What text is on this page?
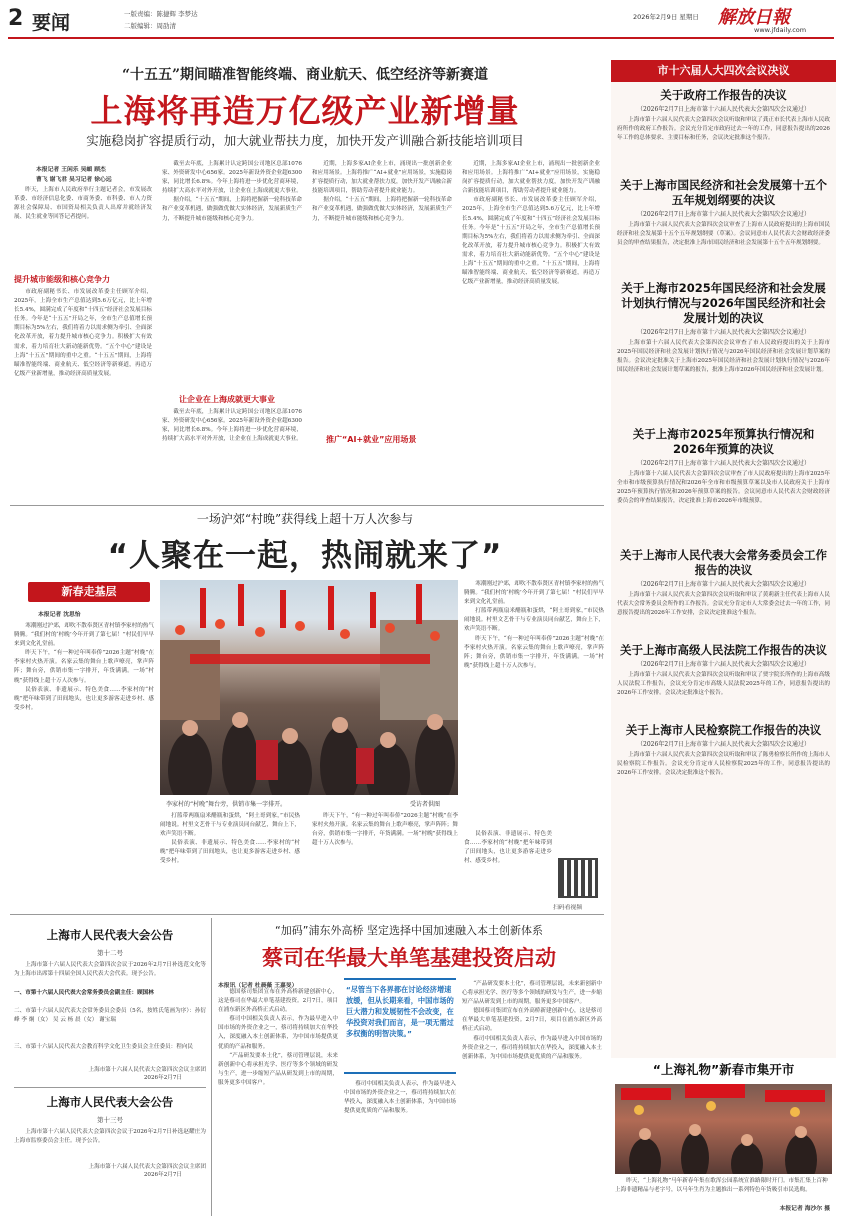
2 要闻	一版责编：陈捷辉 李梦达
二版编辑：周劭清
2026年2月9日 星期日 解放日報
www.jfdaily.com
“十五五”期间瞄准智能终端、商业航天、低空经济等新赛道
上海将再造万亿级产业新增量
实施稳岗扩容提质行动，加大就业帮扶力度，加快开发产训融合新技能培训项目
本报记者 王闲乐 吴頔 顾杰
曹飞 谢飞君 吴习记者 徐心远

昨天，上海市人民政府举行主题记者会，市发展改革委、市经济信息化委、市商务委、市科委、市人力资源社会保障局、市国资局相关负责人出席并就经济发展、民生就业等回答记者提问。

提升城市能级和核心竞争力

市政府副秘书长、市发展改革委主任顾军介绍，2025年，上海全市生产总值达到5.6万亿元，比上年增长5.4%，圆满完成了年度和“十四五”经济社会发展目标任务。今年是“十五五”开局之年，全市生产总值增长预期目标为5%左右，我们将着力以需求侧为牵引、全面深化改革开放，着力提升城市核心竞争力。积极扩大有效需求，着力培育壮大新动能新优势。“五个中心”建设是上海“十五五”期间的重中之重。“十五五”期间，上海将瞄准智能终端、商业航天、低空经济等新赛道，再造万亿级产业新增量，推动经济高质量发展。

截至去年底，上海累计认定跨国公司地区总部1076家、外资研发中心656家。2025年新设外资企业超6300家，同比增长6.8%。今年上海将进一步优化营商环境，持续扩大高水平对外开放，让企业在上海成就更大事业。

据介绍，“十五五”期间，上海将把握新一轮科技革命和产业变革机遇，做强做优做大实体经济，发展新质生产力，不断提升城市能级和核心竞争力。

让企业在上海成就更大事业

截至去年底，上海累计认定跨国公司地区总部1076家、外资研发中心656家。2025年新设外资企业超6300家，同比增长6.8%。今年上海将进一步优化营商环境，持续扩大高水平对外开放，让企业在上海成就更大事业。

近期，上海多家AI企业上市，涌现出一批创新企业和应用场景。上海将推广“AI+就业”应用场景，实施稳岗扩容提质行动，加大就业帮扶力度，加快开发产训融合新技能培训项目，帮助劳动者提升就业能力。

据介绍，“十五五”期间，上海将把握新一轮科技革命和产业变革机遇，做强做优做大实体经济，发展新质生产力，不断提升城市能级和核心竞争力。

推广“AI+就业”应用场景

近期，上海多家AI企业上市，涌现出一批创新企业和应用场景。上海将推广“AI+就业”应用场景，实施稳岗扩容提质行动，加大就业帮扶力度，加快开发产训融合新技能培训项目，帮助劳动者提升就业能力。

市政府副秘书长、市发展改革委主任顾军介绍，2025年，上海全市生产总值达到5.6万亿元，比上年增长5.4%，圆满完成了年度和“十四五”经济社会发展目标任务。今年是“十五五”开局之年，全市生产总值增长预期目标为5%左右，我们将着力以需求侧为牵引、全面深化改革开放，着力提升城市核心竞争力。积极扩大有效需求，着力培育壮大新动能新优势。“五个中心”建设是上海“十五五”期间的重中之重。“十五五”期间，上海将瞄准智能终端、商业航天、低空经济等新赛道，再造万亿级产业新增量，推动经济高质量发展。

一场沪郊“村晚”获得线上超十万人次参与
“人聚在一起，热闹就来了”
新春走基层
本报记者 沈思怡

寒潮刚过沪郊，却吹不散奉贤区青村镇李家村的热气腾腾。“我们村的‘村晚’今年开到了第七届！”村民们早早来到文化礼堂前。

昨天下午，“有一种过年叫奉侨”2026主题“村晚”在李家村火热开演。名家云集的舞台上歌声嘹亮，掌声阵阵；舞台旁，供销市集一字排开，年货满满。一场“村晚”获得线上超十万人次参与。

民俗表演、非遗展示、特色美食……李家村的“村晚”把年味带到了田间地头，也让更多游客走进乡村、感受乡村。

李家村的“村晚”舞台旁，供销市集一字排开。	受访者供图

打篮带两瓶扇米醋瓶和蛋烘，“阿土哥到家，”市民热闹地说。村里文艺骨干与专业演员同台献艺，舞台上下，欢声笑语不断。

民俗表演、非遗展示、特色美食……李家村的“村晚”把年味带到了田间地头，也让更多游客走进乡村、感受乡村。

昨天下午，“有一种过年叫奉侨”2026主题“村晚”在李家村火热开演。名家云集的舞台上歌声嘹亮，掌声阵阵；舞台旁，供销市集一字排开，年货满满。一场“村晚”获得线上超十万人次参与。

寒潮刚过沪郊，却吹不散奉贤区青村镇李家村的热气腾腾。“我们村的‘村晚’今年开到了第七届！”村民们早早来到文化礼堂前。

打篮带两瓶扇米醋瓶和蛋烘，“阿土哥到家，”市民热闹地说。村里文艺骨干与专业演员同台献艺，舞台上下，欢声笑语不断。

昨天下午，“有一种过年叫奉侨”2026主题“村晚”在李家村火热开演。名家云集的舞台上歌声嘹亮，掌声阵阵；舞台旁，供销市集一字排开，年货满满。一场“村晚”获得线上超十万人次参与。

民俗表演、非遗展示、特色美食……李家村的“村晚”把年味带到了田间地头，也让更多游客走进乡村、感受乡村。

扫码看视频
上海市人民代表大会公告
第十二号

上海市第十六届人民代表大会第四次会议于2026年2月7日补选范文化等为上海市出席第十四届全国人民代表大会代表。现予公告。

一、市第十六届人民代表大会常务委员会副主任：顾国林
二、市第十六届人民代表大会常务委员会委员（5名，按姓氏笔画为序）：孙衍峰 李 炯（女） 吴 云 杨 晨（女） 谢宝瑞
三、市第十六届人民代表大会教育科学文化卫生委员会主任委员：程向民
上海市第十六届人民代表大会第四次会议主席团
2026年2月7日
上海市人民代表大会公告
第十三号

上海市第十六届人民代表大会第四次会议于2026年2月7日补选赵耀庄为上海市监察委员会主任。现予公告。

上海市第十六届人民代表大会第四次会议主席团
2026年2月7日
“加码”浦东外高桥 坚定选择中国加速融入本土创新体系
蔡司在华最大单笔基建投资启动
本报讯（记者 杜晨薇 王嘉旻）

德国蔡司集团宣布在外高桥新建创新中心，这是蔡司在华最大单笔基建投资。2月7日，项目在浦东新区外高桥正式启动。

蔡司中国相关负责人表示，作为最早进入中国市场的外资企业之一，蔡司将持续加大在华投入，深度融入本土创新体系，为中国市场提供更优质的产品和服务。

“产品研发要本土化”，蔡司管理层说，未来新创新中心将承担光学、医疗等多个领域的研发与生产，进一步缩短产品从研发到上市的周期，服务更多中国客户。

“尽管当下各界都在讨论经济增速放缓，但从长期来看，中国市场的巨大潜力和发展韧性不会改变，在华投资对我们而言，是一项无需过多权衡的明智决策。”

蔡司中国相关负责人表示，作为最早进入中国市场的外资企业之一，蔡司将持续加大在华投入，深度融入本土创新体系，为中国市场提供更优质的产品和服务。

“产品研发要本土化”，蔡司管理层说，未来新创新中心将承担光学、医疗等多个领域的研发与生产，进一步缩短产品从研发到上市的周期，服务更多中国客户。

德国蔡司集团宣布在外高桥新建创新中心，这是蔡司在华最大单笔基建投资。2月7日，项目在浦东新区外高桥正式启动。

蔡司中国相关负责人表示，作为最早进入中国市场的外资企业之一，蔡司将持续加大在华投入，深度融入本土创新体系，为中国市场提供更优质的产品和服务。

市十六届人大四次会议决议
关于政府工作报告的决议
（2026年2月7日上海市第十六届人民代表大会第四次会议通过）
上海市第十六届人民代表大会第四次会议听取和审议了龚正市长代表上海市人民政府所作的政府工作报告。会议充分肯定市政府过去一年的工作，同意报告提出的2026年工作的总体要求、主要目标和任务，会议决定批准这个报告。
关于上海市国民经济和社会发展第十五个五年规划纲要的决议
（2026年2月7日上海市第十六届人民代表大会第四次会议通过）
上海市第十六届人民代表大会第四次会议审查了上海市人民政府提出的上海市国民经济和社会发展第十五个五年规划纲要（草案）。会议同意市人民代表大会财政经济委员会的审查结果报告，决定批准上海市国民经济和社会发展第十五个五年规划纲要。
关于上海市2025年国民经济和社会发展计划执行情况与2026年国民经济和社会发展计划的决议
（2026年2月7日上海市第十六届人民代表大会第四次会议通过）
上海市第十六届人民代表大会第四次会议审查了市人民政府提出的关于上海市2025年国民经济和社会发展计划执行情况与2026年国民经济和社会发展计划草案的报告。会议决定批准关于上海市2025年国民经济和社会发展计划执行情况与2026年国民经济和社会发展计划草案的报告，批准上海市2026年国民经济和社会发展计划。
关于上海市2025年预算执行情况和2026年预算的决议
（2026年2月7日上海市第十六届人民代表大会第四次会议通过）
上海市第十六届人民代表大会第四次会议审查了市人民政府提出的上海市2025年全市和市级预算执行情况和2026年全市和市级预算草案以及市人民政府关于上海市2025年预算执行情况和2026年预算草案的报告。会议同意市人民代表大会财政经济委员会的审查结果报告，决定批准上海市2026年市级预算。
关于上海市人民代表大会常务委员会工作报告的决议
（2026年2月7日上海市第十六届人民代表大会第四次会议通过）
上海市第十六届人民代表大会第四次会议听取和审议了黄莉新主任代表上海市人民代表大会常务委员会所作的工作报告。会议充分肯定市人大常委会过去一年的工作，同意报告提出的2026年工作安排，会议决定批准这个报告。
关于上海市高级人民法院工作报告的决议
（2026年2月7日上海市第十六届人民代表大会第四次会议通过）
上海市第十六届人民代表大会第四次会议听取和审议了贾宇院长所作的上海市高级人民法院工作报告，会议充分肯定市高级人民法院2025年的工作，同意报告提出的2026年工作安排。会议决定批准这个报告。
关于上海市人民检察院工作报告的决议
（2026年2月7日上海市第十六届人民代表大会第四次会议通过）
上海市第十六届人民代表大会第四次会议听取和审议了陈勇检察长所作的上海市人民检察院工作报告。会议充分肯定市人民检察院2025年的工作，同意报告提出的2026年工作安排。会议决定批准这个报告。
“上海礼物”新春市集开市
昨天，“上海礼物”马年新春年集在歌浑公园系统宣淮路限时开门。市集汇集上百种上海非遗精品与老字号，以马年生肖为主题推出一系列特色年货吸引市民选购。
本报记者 海沙尔 摄
